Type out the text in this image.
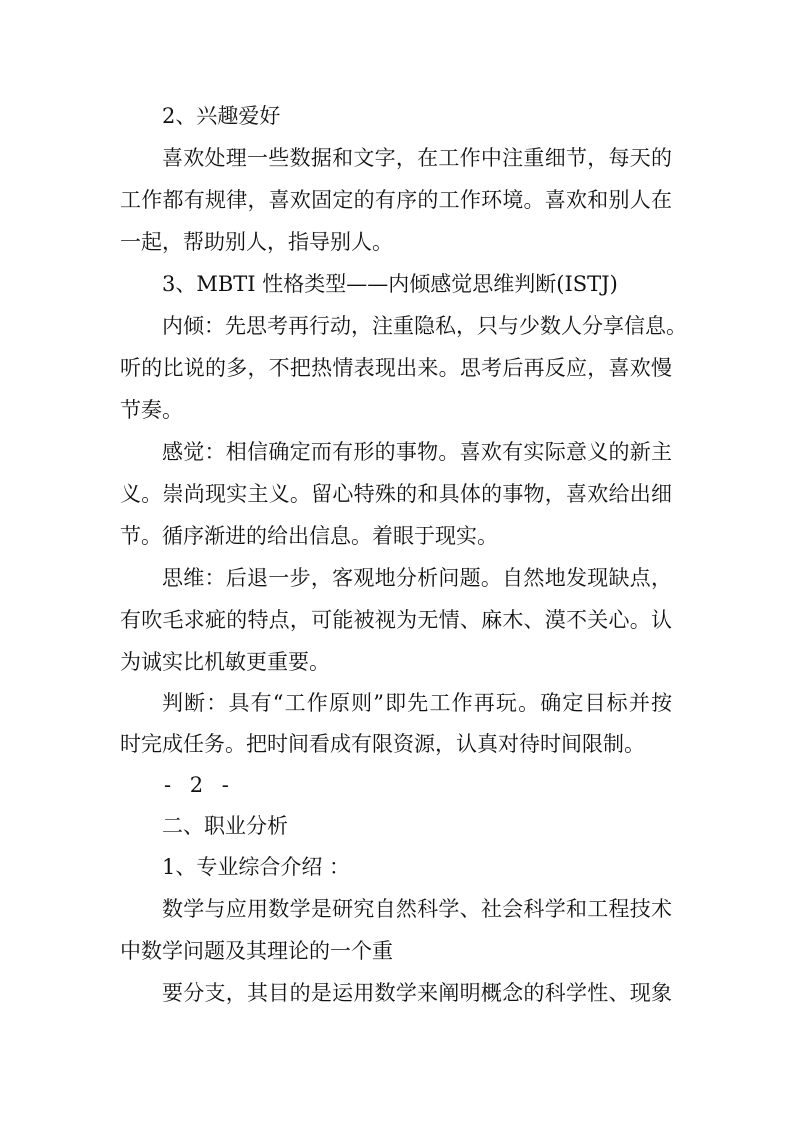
2、兴趣爱好

喜欢处理一些数据和文字，在工作中注重细节，每天的

工作都有规律，喜欢固定的有序的工作环境。喜欢和别人在

一起，帮助别人，指导别人。

3、MBTI 性格类型——内倾感觉思维判断(ISTJ)

内倾：先思考再行动，注重隐私，只与少数人分享信息。

听的比说的多，不把热情表现出来。思考后再反应，喜欢慢

节奏。

感觉：相信确定而有形的事物。喜欢有实际意义的新主

义。崇尚现实主义。留心特殊的和具体的事物，喜欢给出细

节。循序渐进的给出信息。着眼于现实。

思维：后退一步，客观地分析问题。自然地发现缺点，

有吹毛求疵的特点，可能被视为无情、麻木、漠不关心。认

为诚实比机敏更重要。

判断：具有“工作原则”即先工作再玩。确定目标并按

时完成任务。把时间看成有限资源，认真对待时间限制。

- 2 -

二、职业分析

1、专业综合介绍 ：

数学与应用数学是研究自然科学、社会科学和工程技术

中数学问题及其理论的一个重

要分支，其目的是运用数学来阐明概念的科学性、现象
